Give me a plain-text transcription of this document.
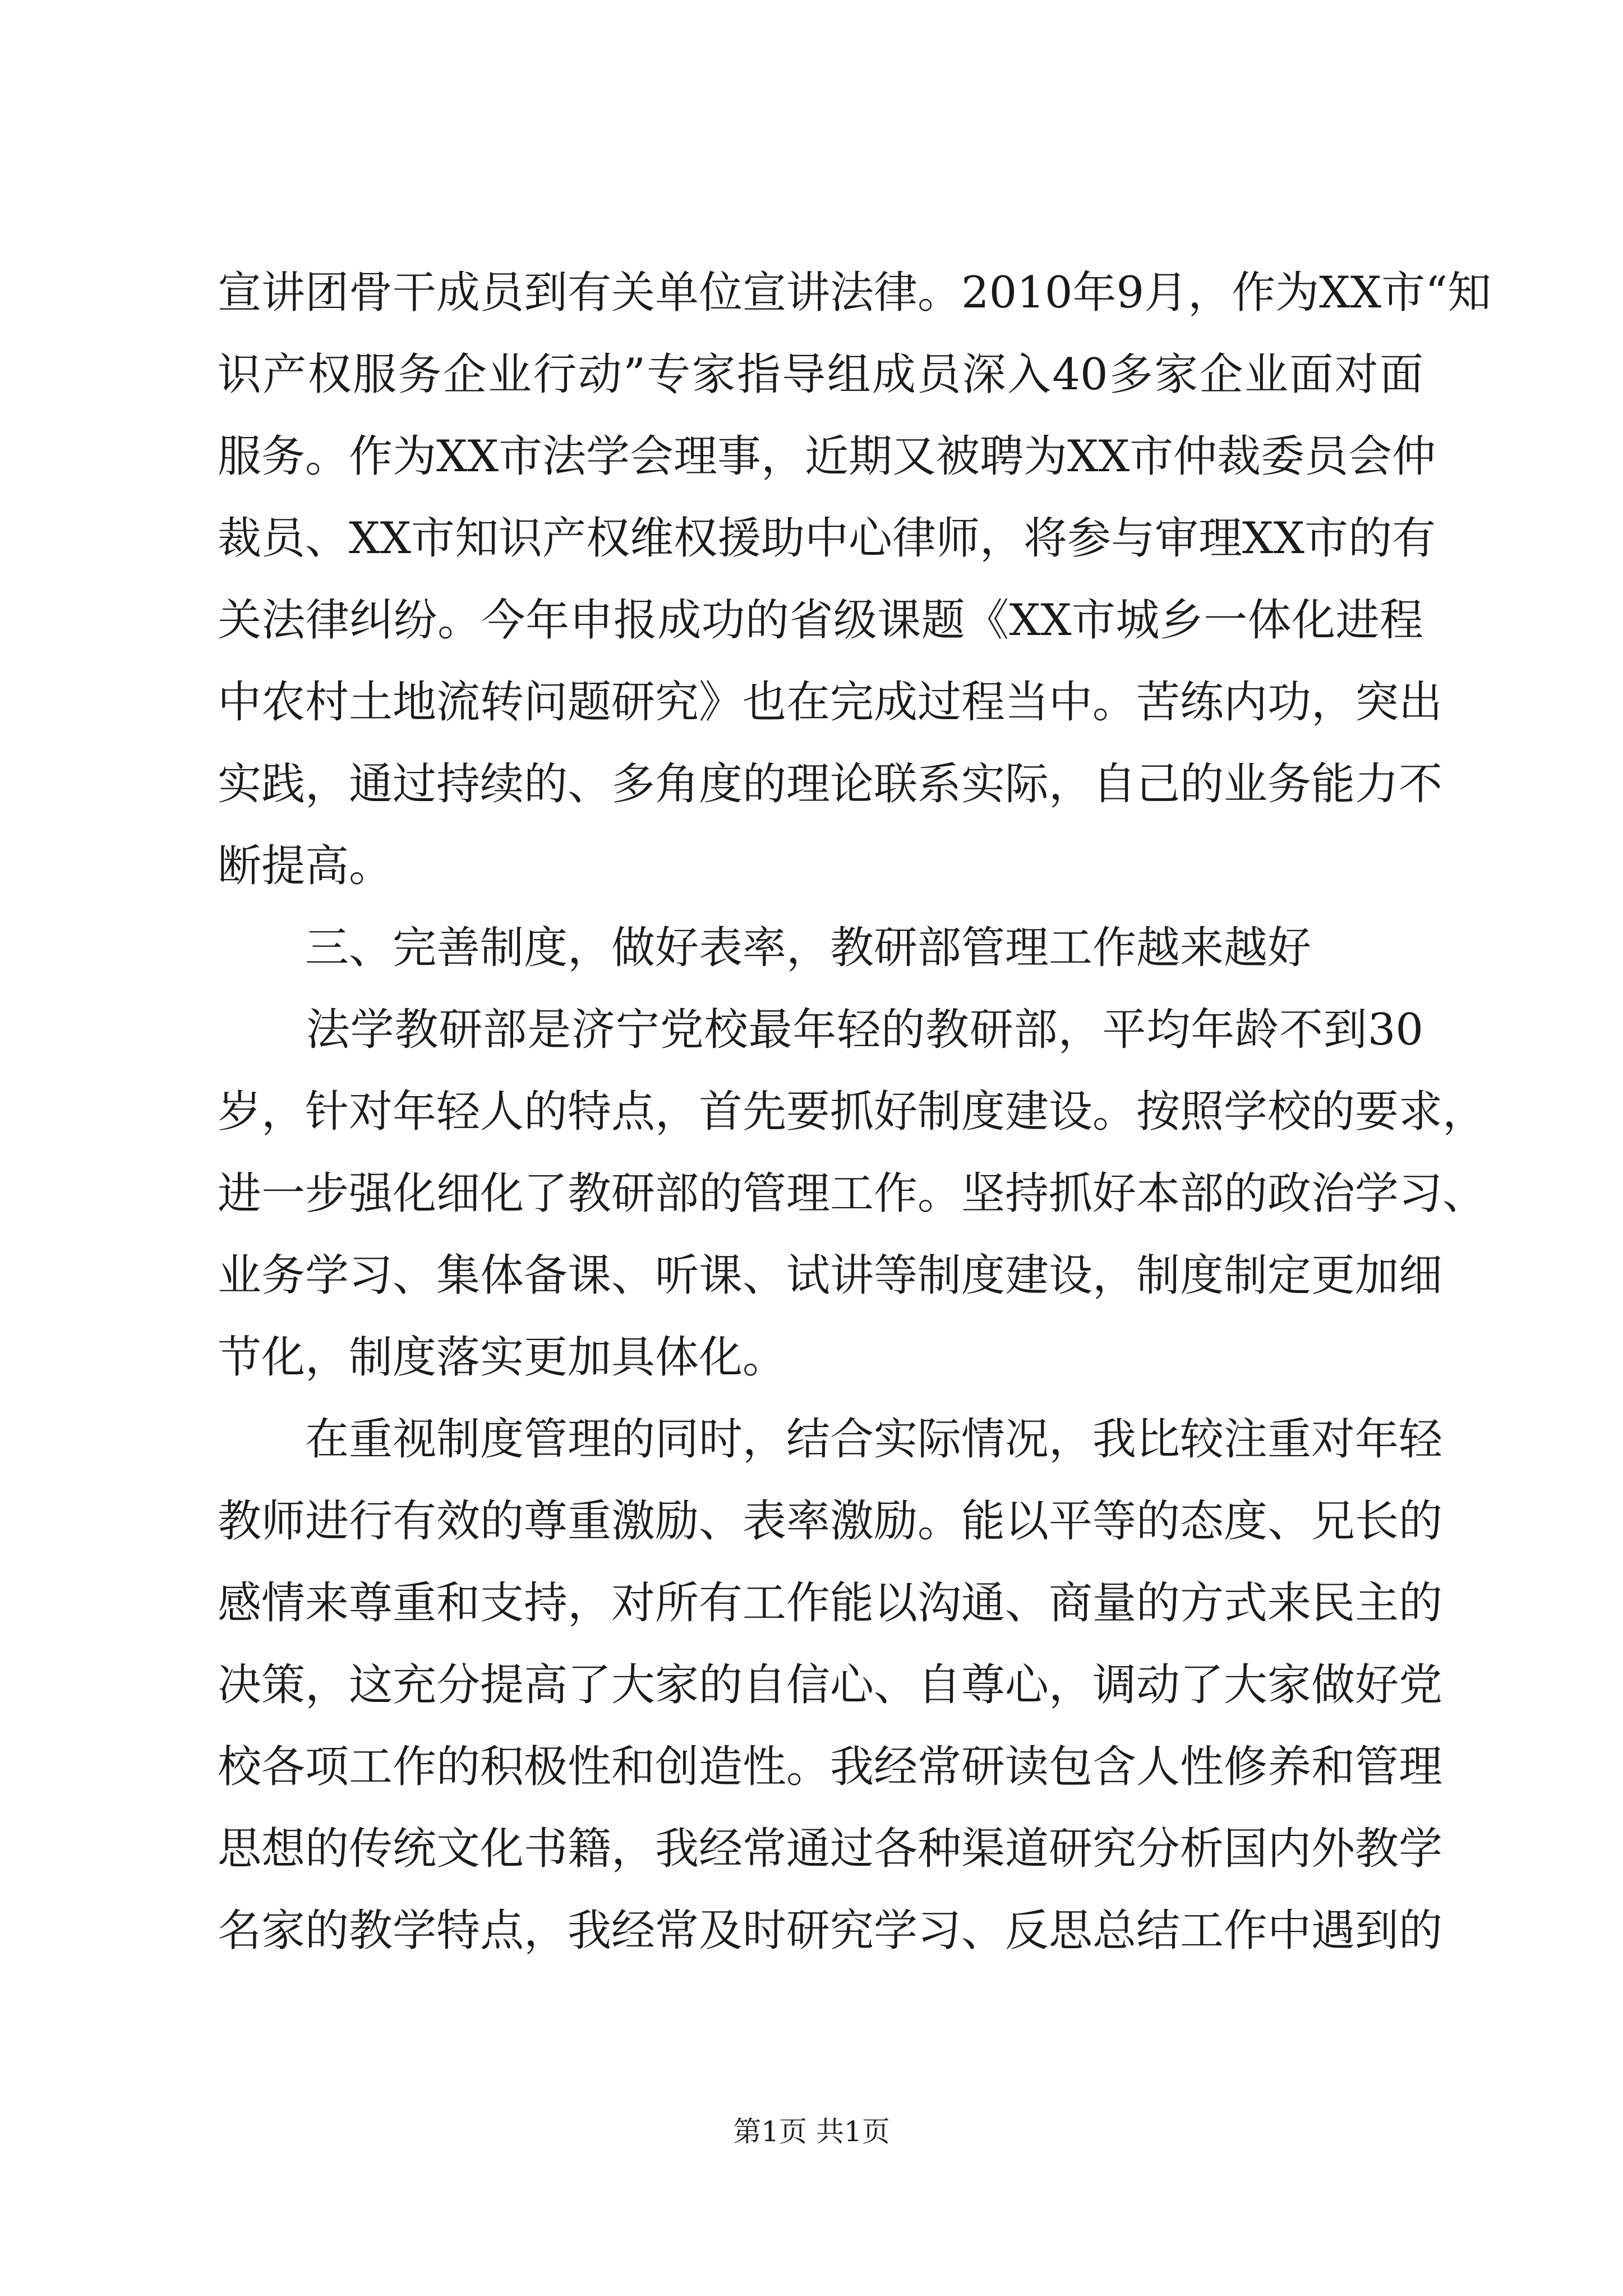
宣讲团骨干成员到有关单位宣讲法律。2010年9月，作为XX市“知
识产权服务企业行动”专家指导组成员深入40多家企业面对面
服务。作为XX市法学会理事，近期又被聘为XX市仲裁委员会仲
裁员、XX市知识产权维权援助中心律师，将参与审理XX市的有
关法律纠纷。今年申报成功的省级课题《XX市城乡一体化进程
中农村土地流转问题研究》也在完成过程当中。苦练内功，突出
实践，通过持续的、多角度的理论联系实际，自己的业务能力不
断提高。
　　三、完善制度，做好表率，教研部管理工作越来越好
　　法学教研部是济宁党校最年轻的教研部，平均年龄不到30
岁，针对年轻人的特点，首先要抓好制度建设。按照学校的要求，
进一步强化细化了教研部的管理工作。坚持抓好本部的政治学习、
业务学习、集体备课、听课、试讲等制度建设，制度制定更加细
节化，制度落实更加具体化。
　　在重视制度管理的同时，结合实际情况，我比较注重对年轻
教师进行有效的尊重激励、表率激励。能以平等的态度、兄长的
感情来尊重和支持，对所有工作能以沟通、商量的方式来民主的
决策，这充分提高了大家的自信心、自尊心，调动了大家做好党
校各项工作的积极性和创造性。我经常研读包含人性修养和管理
思想的传统文化书籍，我经常通过各种渠道研究分析国内外教学
名家的教学特点，我经常及时研究学习、反思总结工作中遇到的
第1页 共1页
